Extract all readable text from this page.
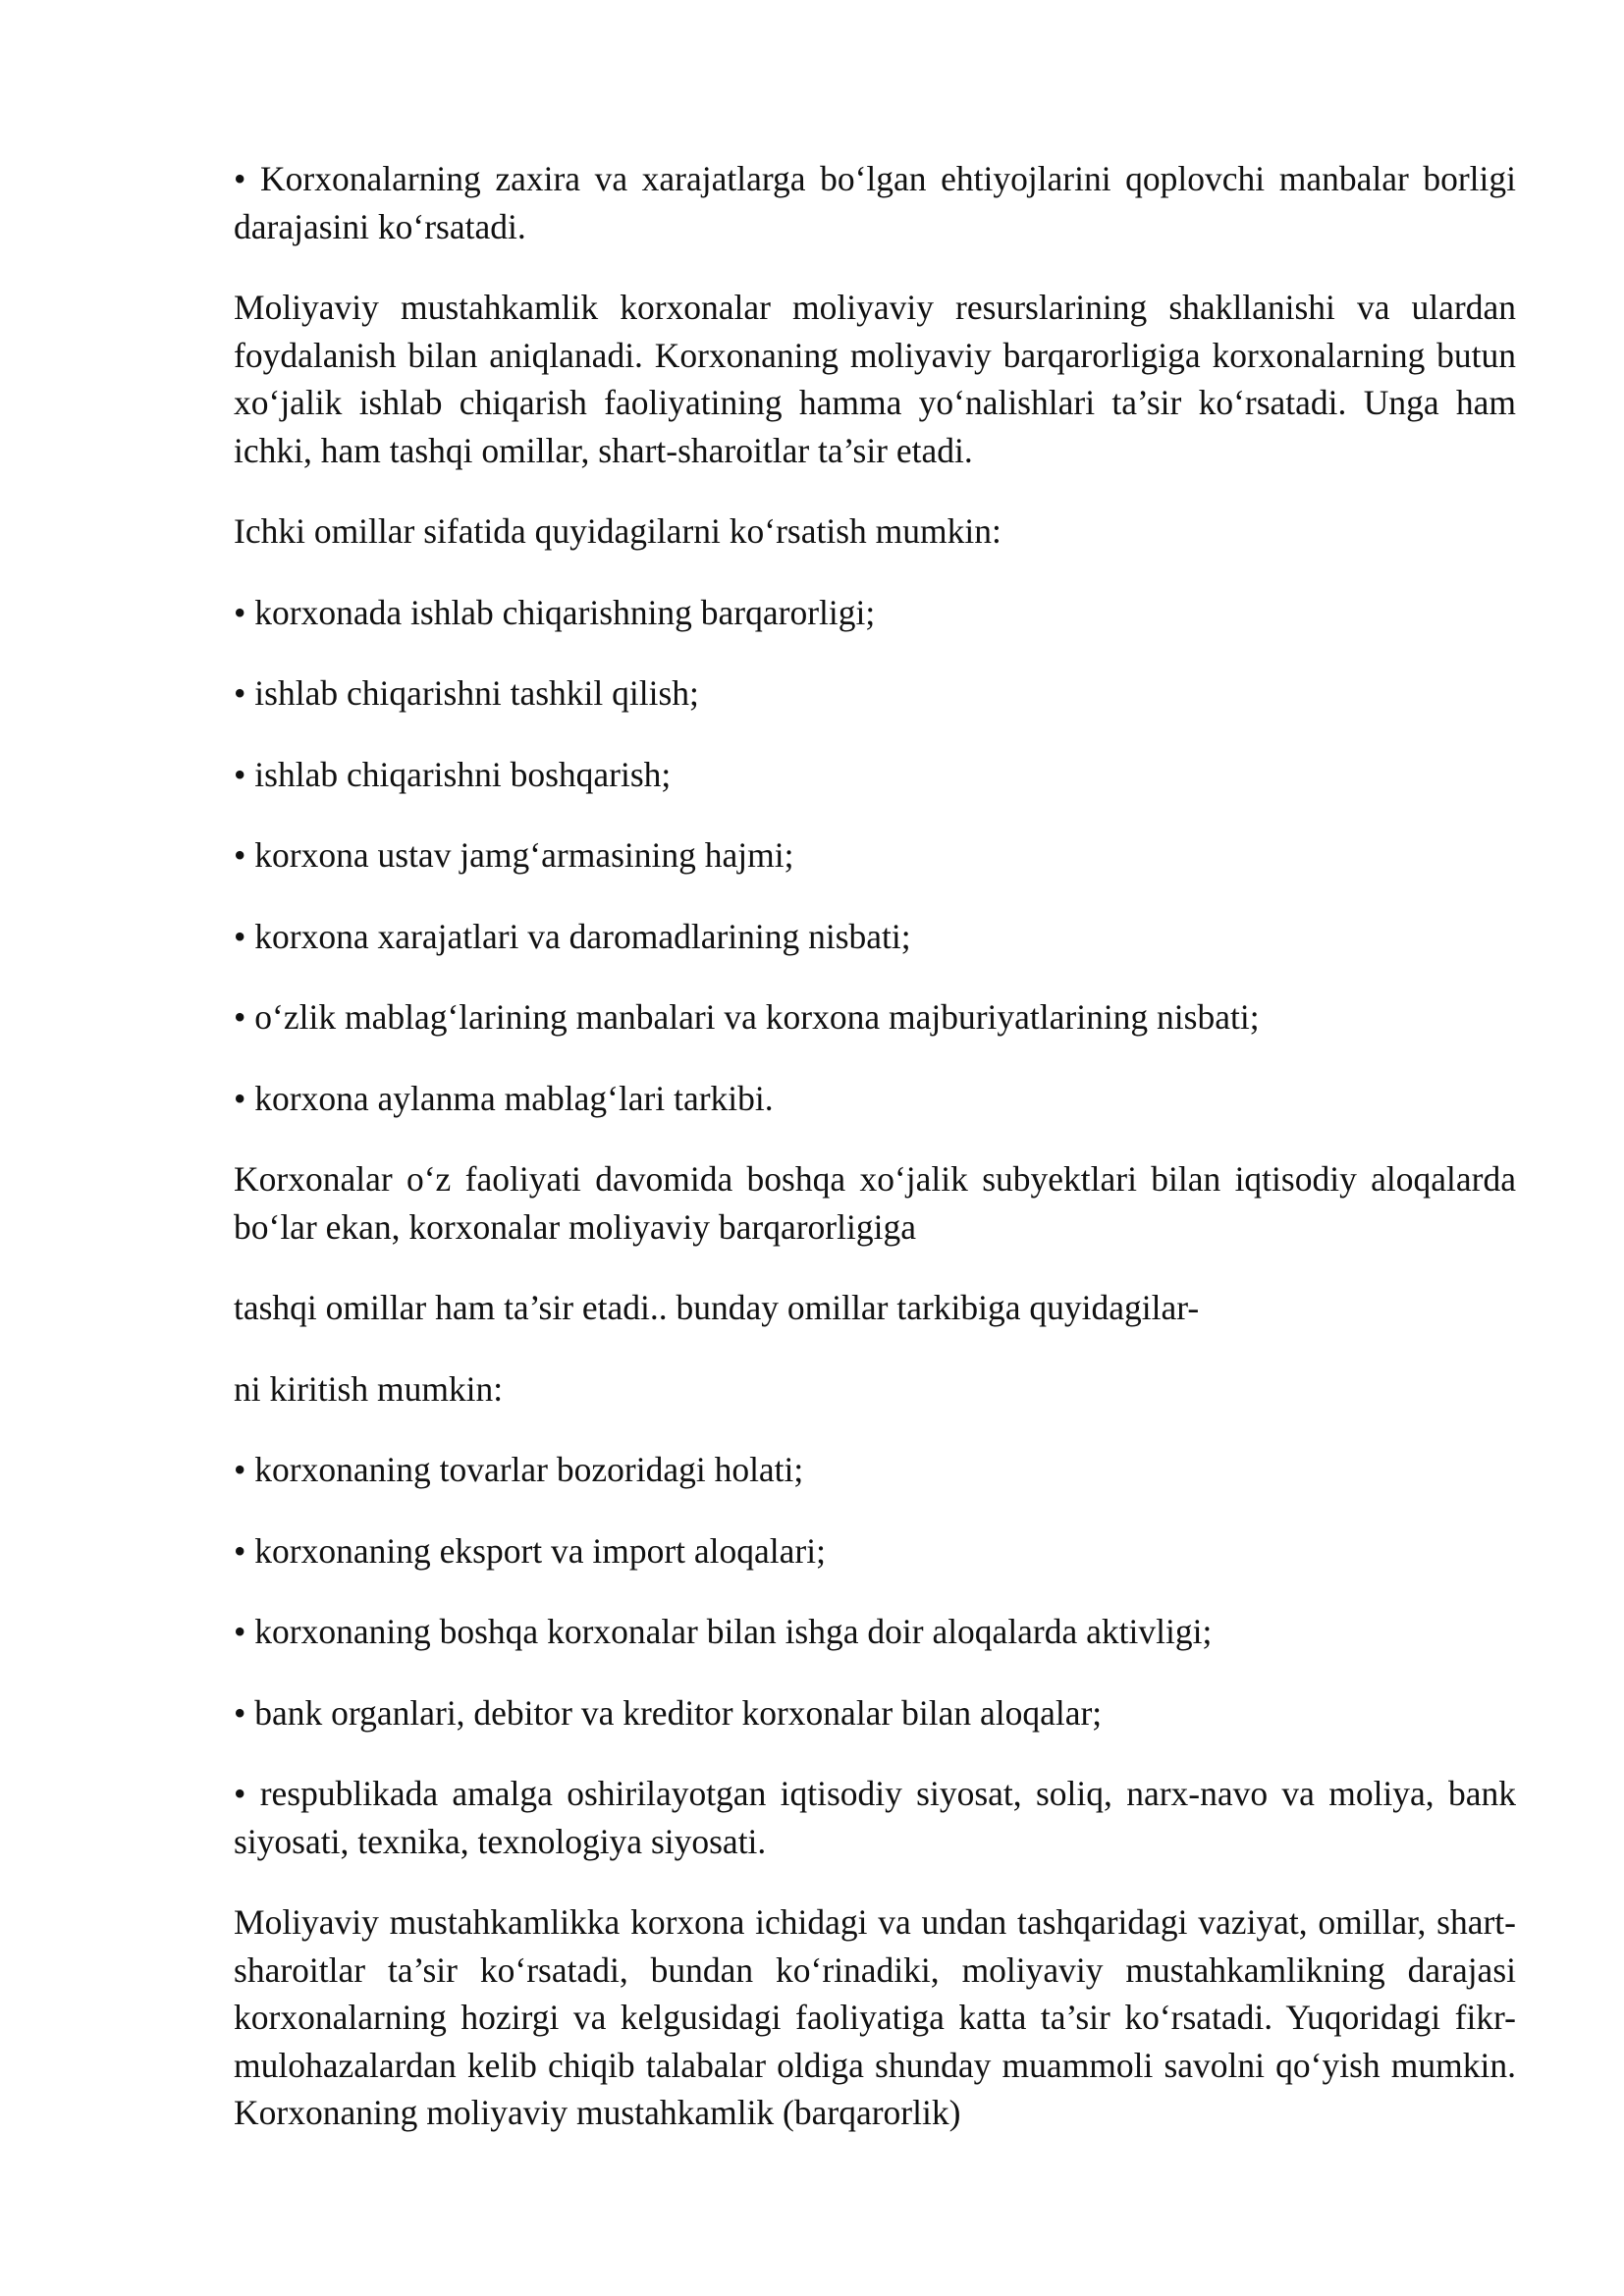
• Korxonalarning zaxira va xarajatlarga bo‘lgan ehtiyojlarini qoplovchi manbalar borligi darajasini ko‘rsatadi.

Moliyaviy mustahkamlik korxonalar moliyaviy resurslarining shakllanishi va ulardan foydalanish bilan aniqlanadi. Korxonaning moliyaviy barqarorligiga korxonalarning butun xo‘jalik ishlab chiqarish faoliyatining hamma yo‘nalishlari ta’sir ko‘rsatadi. Unga ham ichki, ham tashqi omillar, shart-sharoitlar ta’sir etadi.

Ichki omillar sifatida quyidagilarni ko‘rsatish mumkin:

• korxonada ishlab chiqarishning barqarorligi;

• ishlab chiqarishni tashkil qilish;

• ishlab chiqarishni boshqarish;

• korxona ustav jamg‘armasining hajmi;

• korxona xarajatlari va daromadlarining nisbati;

• o‘zlik mablag‘larining manbalari va korxona majburiyatlarining nisbati;

• korxona aylanma mablag‘lari tarkibi.

Korxonalar o‘z faoliyati davomida boshqa xo‘jalik subyektlari bilan iqtisodiy aloqalarda bo‘lar ekan, korxonalar moliyaviy barqarorligiga

tashqi omillar ham ta’sir etadi.. bunday omillar tarkibiga quyidagilar-

ni kiritish mumkin:

• korxonaning tovarlar bozoridagi holati;

• korxonaning eksport va import aloqalari;

• korxonaning boshqa korxonalar bilan ishga doir aloqalarda aktivligi;

• bank organlari, debitor va kreditor korxonalar bilan aloqalar;

• respublikada amalga oshirilayotgan iqtisodiy siyosat, soliq, narx-navo va moliya, bank siyosati, texnika, texnologiya siyosati.

Moliyaviy mustahkamlikka korxona ichidagi va undan tashqaridagi vaziyat, omillar, shart-sharoitlar ta’sir ko‘rsatadi, bundan ko‘rinadiki, moliyaviy mustahkamlikning darajasi korxonalarning hozirgi va kelgusidagi faoliyatiga katta ta’sir ko‘rsatadi. Yuqoridagi fikr-mulohazalardan kelib chiqib talabalar oldiga shunday muammoli savolni qo‘yish mumkin. Korxonaning moliyaviy mustahkamlik (barqarorlik)
